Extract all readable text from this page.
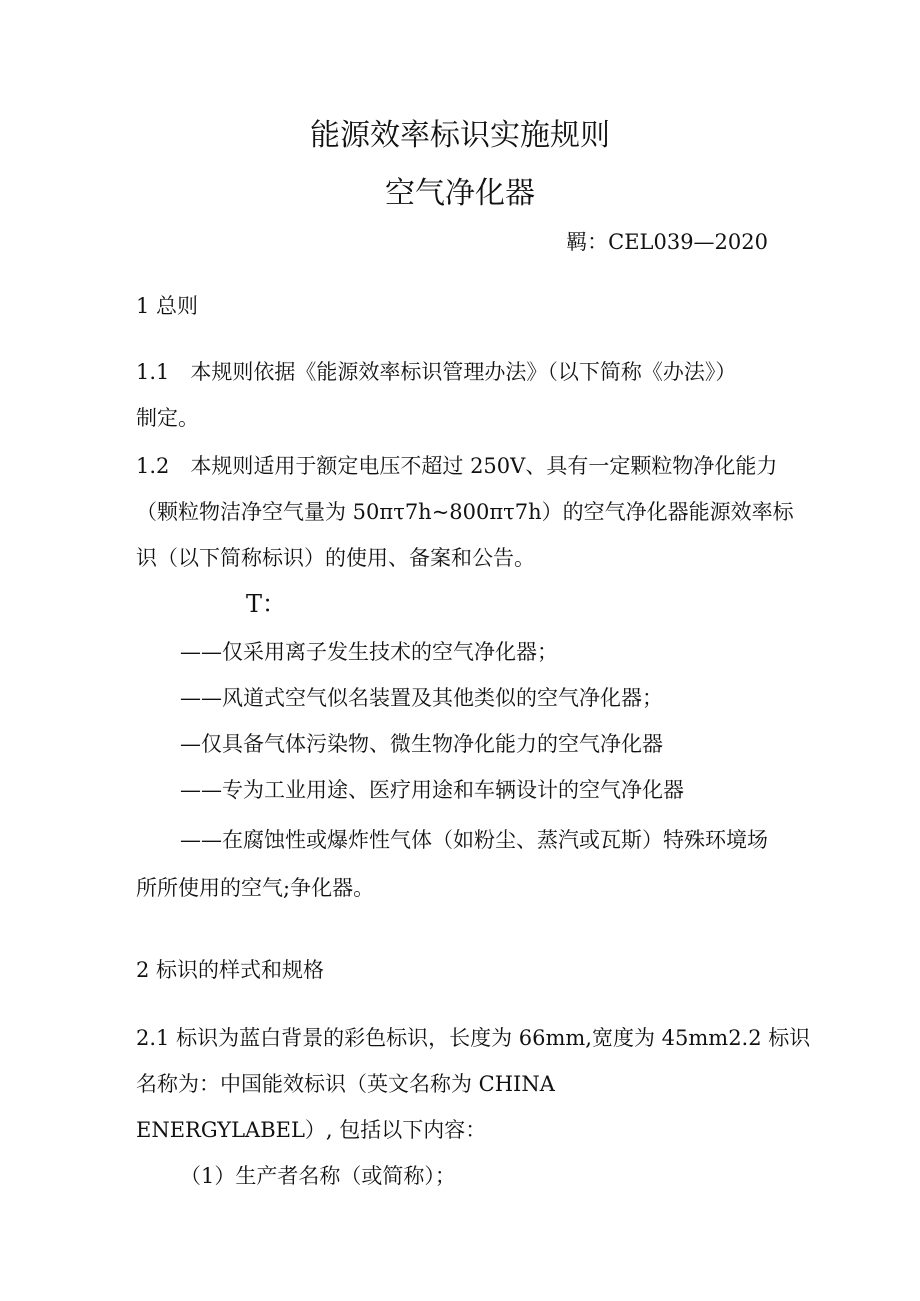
能源效率标识实施规则
空气净化器
羁：CEL039—2020
1 总则
1.1　本规则依据《能源效率标识管理办法》（以下简称《办法》）
制定。
1.2　本规则适用于额定电压不超过 250V、具有一定颗粒物净化能力
（颗粒物洁净空气量为 50πτ7h~800πτ7h）的空气净化器能源效率标
识（以下简称标识）的使用、备案和公告。
T：
——仅采用离子发生技术的空气净化器；
——风道式空气似名装置及其他类似的空气净化器；
—仅具备气体污染物、微生物净化能力的空气净化器
——专为工业用途、医疗用途和车辆设计的空气净化器
——在腐蚀性或爆炸性气体（如粉尘、蒸汽或瓦斯）特殊环境场
所所使用的空气;争化器。
2 标识的样式和规格
2.1 标识为蓝白背景的彩色标识，长度为 66mm,宽度为 45mm2.2 标识
名称为：中国能效标识（英文名称为 CHINA
ENERGYLABEL）, 包括以下内容：
（1）生产者名称（或简称）；
